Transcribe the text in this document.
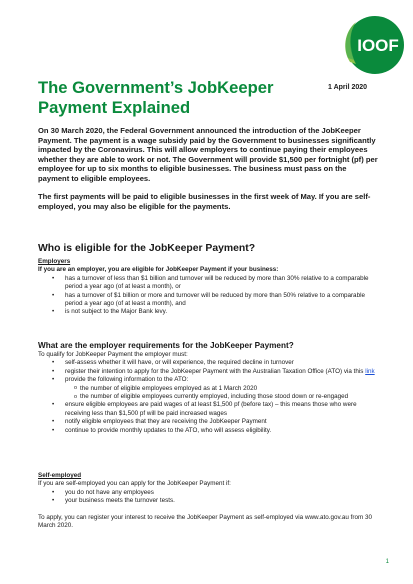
IOOF
The Government’s JobKeeper Payment Explained
1 April 2020

On 30 March 2020, the Federal Government announced the introduction of the JobKeeper Payment. The payment is a wage subsidy paid by the Government to businesses significantly impacted by the Coronavirus. This will allow employers to continue paying their employees whether they are able to work or not. The Government will provide $1,500 per fortnight (pf) per employee for up to six months to eligible businesses. The business must pass on the payment to eligible employees.

The first payments will be paid to eligible businesses in the first week of May. If you are self-employed, you may also be eligible for the payments.

Who is eligible for the JobKeeper Payment?
Employers
If you are an employer, you are eligible for JobKeeper Payment if your business:
• has a turnover of less than $1 billion and turnover will be reduced by more than 30% relative to a comparable period a year ago (of at least a month), or
• has a turnover of $1 billion or more and turnover will be reduced by more than 50% relative to a comparable period a year ago (of at least a month), and
• is not subject to the Major Bank levy.
What are the employer requirements for the JobKeeper Payment?
To qualify for JobKeeper Payment the employer must:
• self-assess whether it will have, or will experience, the required decline in turnover
• register their intention to apply for the JobKeeper Payment with the Australian Taxation Office (ATO) via this link
• provide the following information to the ATO:
o the number of eligible employees employed as at 1 March 2020
o the number of eligible employees currently employed, including those stood down or re-engaged
• ensure eligible employees are paid wages of at least $1,500 pf (before tax) – this means those who were receiving less than $1,500 pf will be paid increased wages
• notify eligible employees that they are receiving the JobKeeper Payment
• continue to provide monthly updates to the ATO, who will assess eligibility.
Self-employed
If you are self-employed you can apply for the JobKeeper Payment if:
• you do not have any employees
• your business meets the turnover tests.
To apply, you can register your interest to receive the JobKeeper Payment as self-employed via www.ato.gov.au from 30 March 2020.
1
